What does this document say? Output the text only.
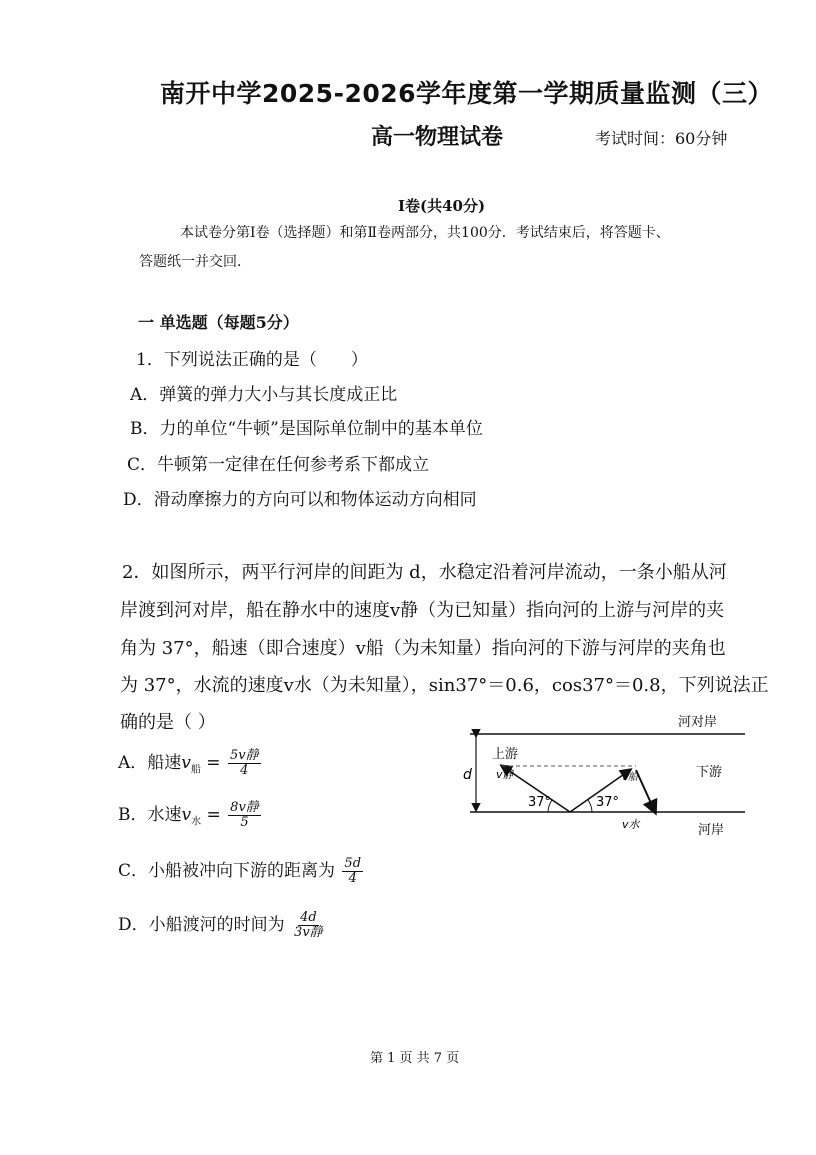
南开中学2025-2026学年度第一学期质量监测（三）
高一物理试卷	考试时间：60分钟
I卷(共40分)
本试卷分第Ⅰ卷（选择题）和第Ⅱ卷两部分，共100分．考试结束后，将答题卡、
答题纸一并交回．
一 单选题（每题5分）
1．下列说法正确的是（　　）
A．弹簧的弹力大小与其长度成正比
B．力的单位“牛顿”是国际单位制中的基本单位
C．牛顿第一定律在任何参考系下都成立
D．滑动摩擦力的方向可以和物体运动方向相同
2．如图所示，两平行河岸的间距为 d，水稳定沿着河岸流动，一条小船从河
岸渡到河对岸，船在静水中的速度v静（为已知量）指向河的上游与河岸的夹
角为 37°，船速（即合速度）v船（为未知量）指向河的下游与河岸的夹角也
为 37°，水流的速度v水（为未知量），sin37°＝0.6，cos37°＝0.8，下列说法正
确的是（ ）
A．船速$v_船 = \frac{\text{5v静}}{4}$
B．水速$v_水 = \frac{\text{8v静}}{5}$
C．小船被冲向下游的距离为 $\frac{5d}{4}$
D．小船渡河的时间为 $\frac{4d}{\text{3v静}}$
d
河对岸
河岸
上游
下游
v静	v船
v水
37°	37°
第 1 页 共 7 页
